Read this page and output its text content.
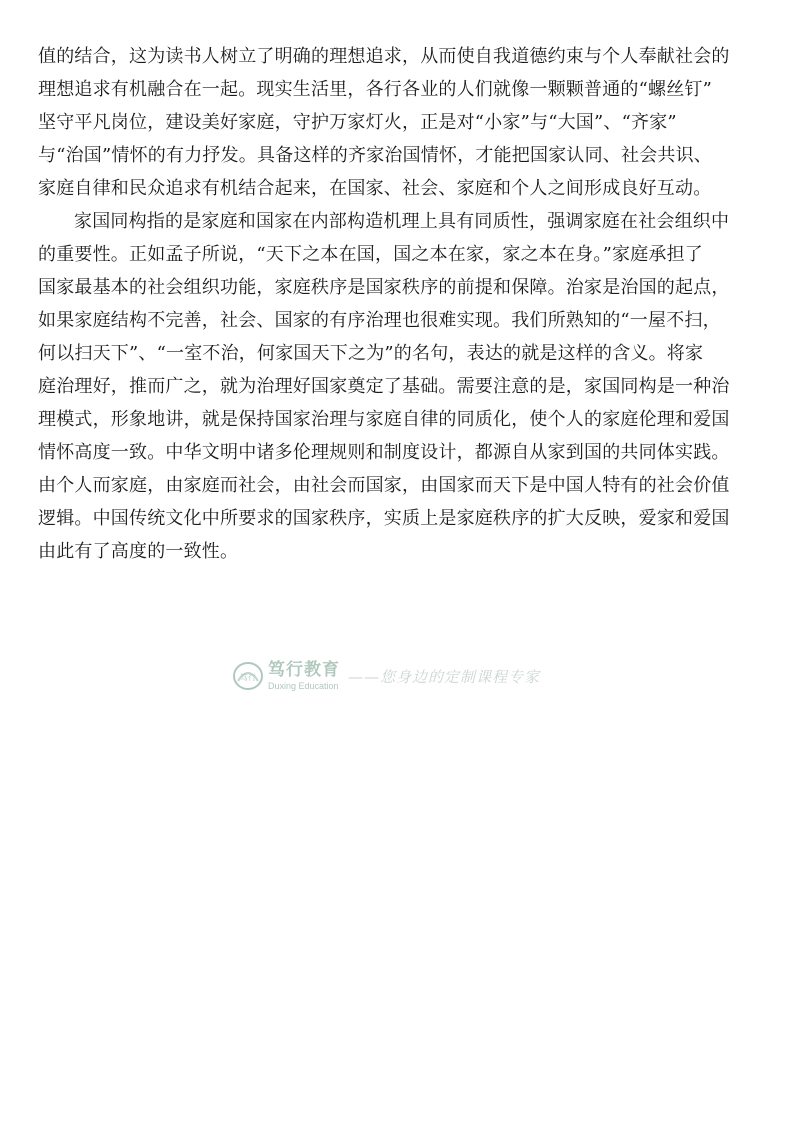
值的结合，这为读书人树立了明确的理想追求，从而使自我道德约束与个人奉献社会的
理想追求有机融合在一起。现实生活里，各行各业的人们就像一颗颗普通的“螺丝钉”
坚守平凡岗位，建设美好家庭，守护万家灯火，正是对“小家”与“大国”、“齐家”
与“治国”情怀的有力抒发。具备这样的齐家治国情怀，才能把国家认同、社会共识、
家庭自律和民众追求有机结合起来，在国家、社会、家庭和个人之间形成良好互动。
家国同构指的是家庭和国家在内部构造机理上具有同质性，强调家庭在社会组织中
的重要性。正如孟子所说，“天下之本在国，国之本在家，家之本在身。”家庭承担了
国家最基本的社会组织功能，家庭秩序是国家秩序的前提和保障。治家是治国的起点，
如果家庭结构不完善，社会、国家的有序治理也很难实现。我们所熟知的“一屋不扫，
何以扫天下”、“一室不治，何家国天下之为”的名句，表达的就是这样的含义。将家
庭治理好，推而广之，就为治理好国家奠定了基础。需要注意的是，家国同构是一种治
理模式，形象地讲，就是保持国家治理与家庭自律的同质化，使个人的家庭伦理和爱国
情怀高度一致。中华文明中诸多伦理规则和制度设计，都源自从家到国的共同体实践。
由个人而家庭，由家庭而社会，由社会而国家，由国家而天下是中国人特有的社会价值
逻辑。中国传统文化中所要求的国家秩序，实质上是家庭秩序的扩大反映，爱家和爱国
由此有了高度的一致性。
笃行 笃行教育
Duxing Education ——您身边的定制课程专家
